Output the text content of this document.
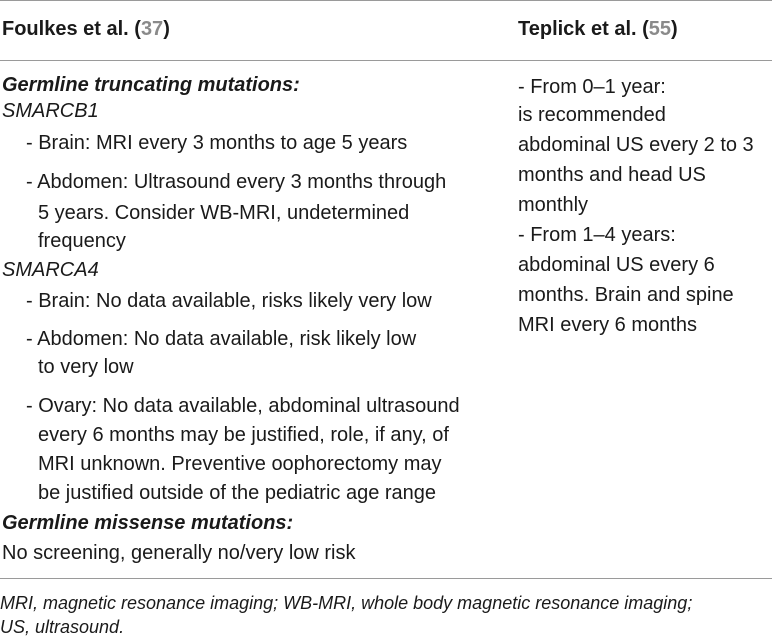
Foulkes et al. (37)	Teplick et al. (55)
Germline truncating mutations:
SMARCB1
- Brain: MRI every 3 months to age 5 years
- Abdomen: Ultrasound every 3 months through
5 years. Consider WB-MRI, undetermined
frequency
SMARCA4
- Brain: No data available, risks likely very low
- Abdomen: No data available, risk likely low
to very low
- Ovary: No data available, abdominal ultrasound
every 6 months may be justified, role, if any, of
MRI unknown. Preventive oophorectomy may
be justified outside of the pediatric age range
Germline missense mutations:
No screening, generally no/very low risk
- From 0–1 year:
is recommended
abdominal US every 2 to 3
months and head US
monthly
- From 1–4 years:
abdominal US every 6
months. Brain and spine
MRI every 6 months
MRI, magnetic resonance imaging; WB-MRI, whole body magnetic resonance imaging;
US, ultrasound.
